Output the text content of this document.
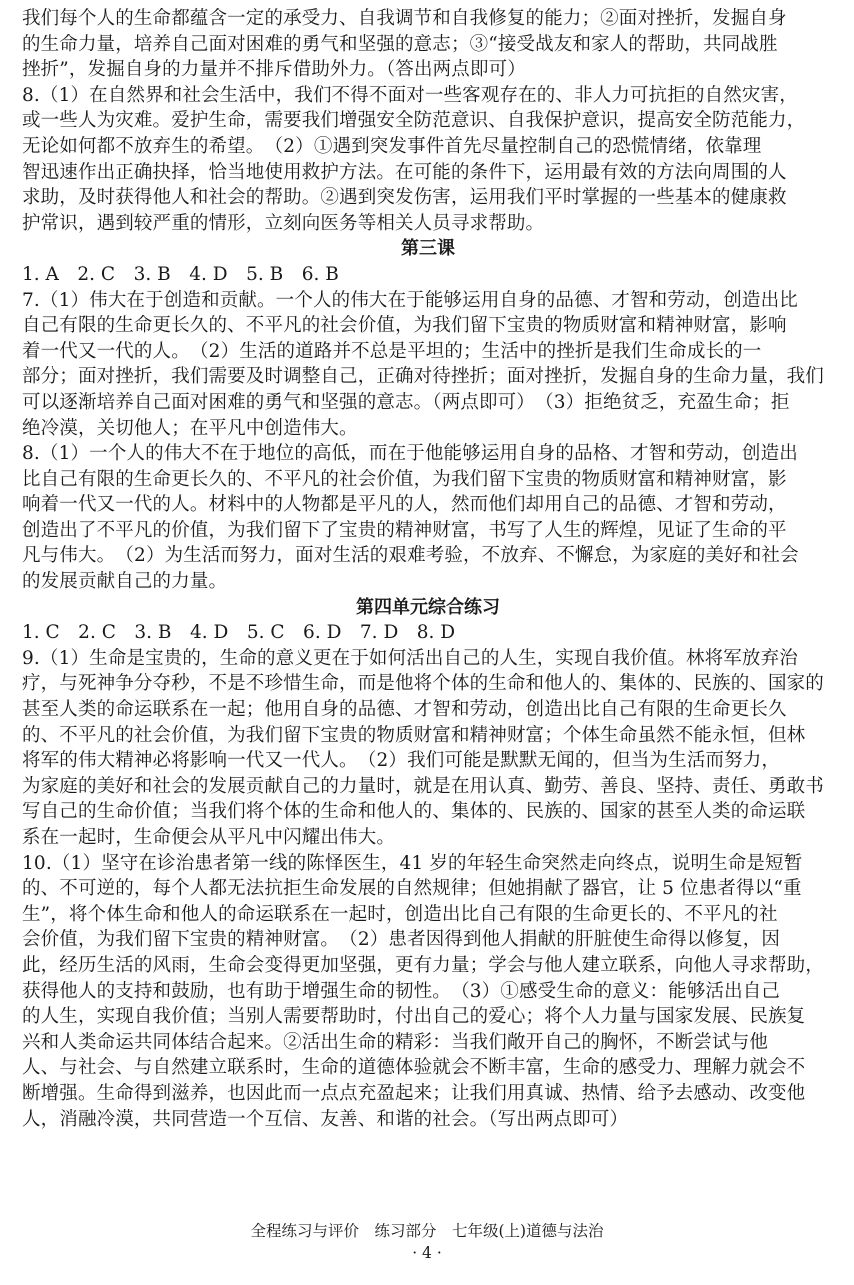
我们每个人的生命都蕴含一定的承受力、自我调节和自我修复的能力；②面对挫折，发掘自身
的生命力量，培养自己面对困难的勇气和坚强的意志；③“接受战友和家人的帮助，共同战胜
挫折”，发掘自身的力量并不排斥借助外力。（答出两点即可）
8.（1）在自然界和社会生活中，我们不得不面对一些客观存在的、非人力可抗拒的自然灾害，
或一些人为灾难。爱护生命，需要我们增强安全防范意识、自我保护意识，提高安全防范能力，
无论如何都不放弃生的希望。　（2）①遇到突发事件首先尽量控制自己的恐慌情绪，依靠理
智迅速作出正确抉择，恰当地使用救护方法。在可能的条件下，运用最有效的方法向周围的人
求助，及时获得他人和社会的帮助。②遇到突发伤害，运用我们平时掌握的一些基本的健康救
护常识，遇到较严重的情形，立刻向医务等相关人员寻求帮助。
第三课
1. A　2. C　3. B　4. D　5. B　6. B
7.（1）伟大在于创造和贡献。一个人的伟大在于能够运用自身的品德、才智和劳动，创造出比
自己有限的生命更长久的、不平凡的社会价值，为我们留下宝贵的物质财富和精神财富，影响
着一代又一代的人。　（2）生活的道路并不总是平坦的；生活中的挫折是我们生命成长的一
部分；面对挫折，我们需要及时调整自己，正确对待挫折；面对挫折，发掘自身的生命力量，我们
可以逐渐培养自己面对困难的勇气和坚强的意志。（两点即可）　（3）拒绝贫乏，充盈生命；拒
绝冷漠，关切他人；在平凡中创造伟大。
8.（1）一个人的伟大不在于地位的高低，而在于他能够运用自身的品格、才智和劳动，创造出
比自己有限的生命更长久的、不平凡的社会价值，为我们留下宝贵的物质财富和精神财富，影
响着一代又一代的人。材料中的人物都是平凡的人，然而他们却用自己的品德、才智和劳动，
创造出了不平凡的价值，为我们留下了宝贵的精神财富，书写了人生的辉煌，见证了生命的平
凡与伟大。　（2）为生活而努力，面对生活的艰难考验，不放弃、不懈怠，为家庭的美好和社会
的发展贡献自己的力量。
第四单元综合练习
1. C　2. C　3. B　4. D　5. C　6. D　7. D　8. D
9.（1）生命是宝贵的，生命的意义更在于如何活出自己的人生，实现自我价值。林将军放弃治
疗，与死神争分夺秒，不是不珍惜生命，而是他将个体的生命和他人的、集体的、民族的、国家的
甚至人类的命运联系在一起；他用自身的品德、才智和劳动，创造出比自己有限的生命更长久
的、不平凡的社会价值，为我们留下宝贵的物质财富和精神财富；个体生命虽然不能永恒，但林
将军的伟大精神必将影响一代又一代人。　（2）我们可能是默默无闻的，但当为生活而努力，
为家庭的美好和社会的发展贡献自己的力量时，就是在用认真、勤劳、善良、坚持、责任、勇敢书
写自己的生命价值；当我们将个体的生命和他人的、集体的、民族的、国家的甚至人类的命运联
系在一起时，生命便会从平凡中闪耀出伟大。
10.（1）坚守在诊治患者第一线的陈怿医生，41 岁的年轻生命突然走向终点，说明生命是短暂
的、不可逆的，每个人都无法抗拒生命发展的自然规律；但她捐献了器官，让 5 位患者得以“重
生”，将个体生命和他人的命运联系在一起时，创造出比自己有限的生命更长的、不平凡的社
会价值，为我们留下宝贵的精神财富。　（2）患者因得到他人捐献的肝脏使生命得以修复，因
此，经历生活的风雨，生命会变得更加坚强，更有力量；学会与他人建立联系，向他人寻求帮助，
获得他人的支持和鼓励，也有助于增强生命的韧性。　（3）①感受生命的意义：能够活出自己
的人生，实现自我价值；当别人需要帮助时，付出自己的爱心；将个人力量与国家发展、民族复
兴和人类命运共同体结合起来。②活出生命的精彩：当我们敞开自己的胸怀，不断尝试与他
人、与社会、与自然建立联系时，生命的道德体验就会不断丰富，生命的感受力、理解力就会不
断增强。生命得到滋养，也因此而一点点充盈起来；让我们用真诚、热情、给予去感动、改变他
人，消融冷漠，共同营造一个互信、友善、和谐的社会。（写出两点即可）
全程练习与评价　练习部分　七年级(上)道德与法治
· 4 ·
